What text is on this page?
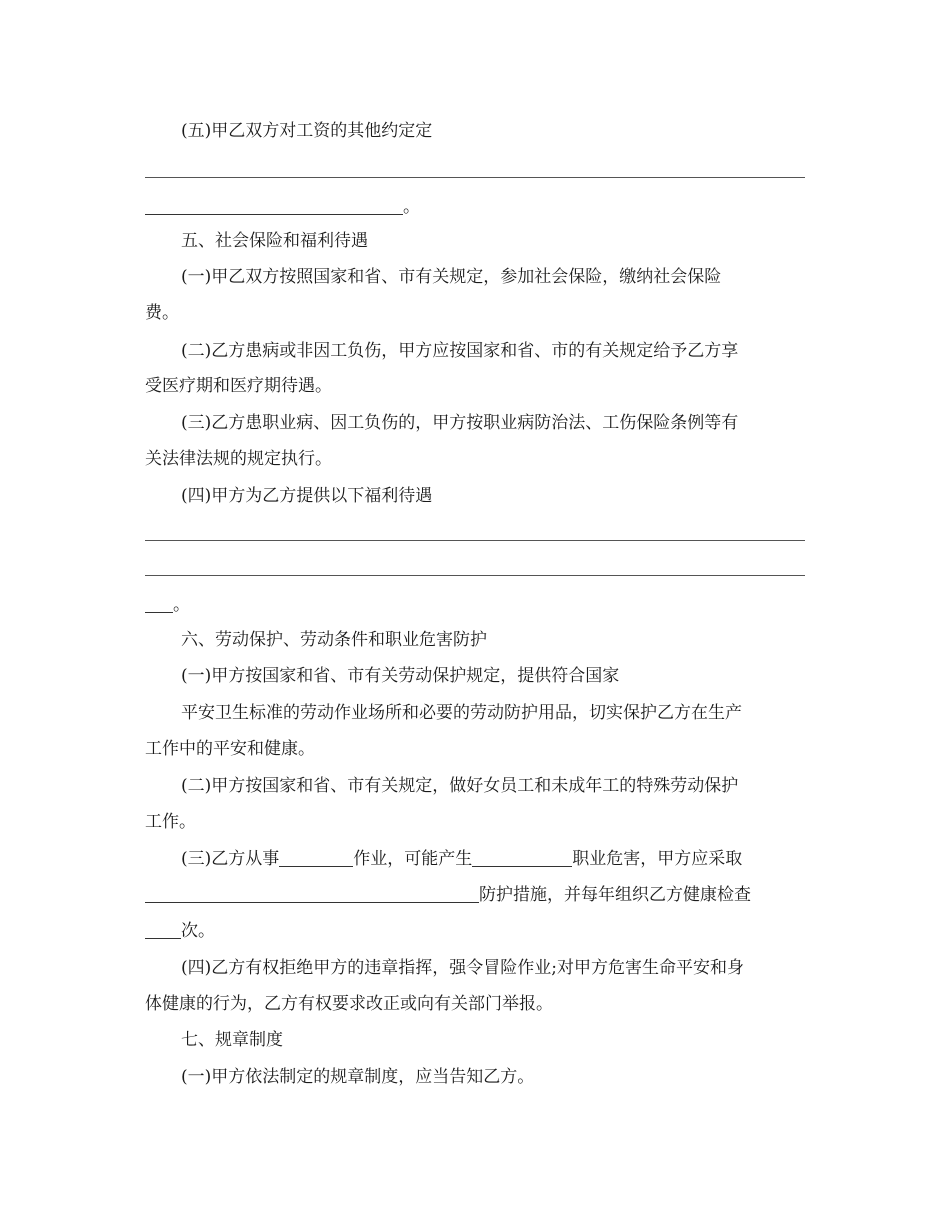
(五)甲乙双方对工资的其他约定定
。
五、社会保险和福利待遇
(一)甲乙双方按照国家和省、市有关规定，参加社会保险，缴纳社会保险
费。
(二)乙方患病或非因工负伤，甲方应按国家和省、市的有关规定给予乙方享
受医疗期和医疗期待遇。
(三)乙方患职业病、因工负伤的，甲方按职业病防治法、工伤保险条例等有
关法律法规的规定执行。
(四)甲方为乙方提供以下福利待遇
。
六、劳动保护、劳动条件和职业危害防护
(一)甲方按国家和省、市有关劳动保护规定，提供符合国家
平安卫生标准的劳动作业场所和必要的劳动防护用品，切实保护乙方在生产
工作中的平安和健康。
(二)甲方按国家和省、市有关规定，做好女员工和未成年工的特殊劳动保护
工作。
(三)乙方从事	作业，可能产生	职业危害，甲方应采取
防护措施，并每年组织乙方健康检查
次。
(四)乙方有权拒绝甲方的违章指挥，强令冒险作业;对甲方危害生命平安和身
体健康的行为，乙方有权要求改正或向有关部门举报。
七、规章制度
(一)甲方依法制定的规章制度，应当告知乙方。
